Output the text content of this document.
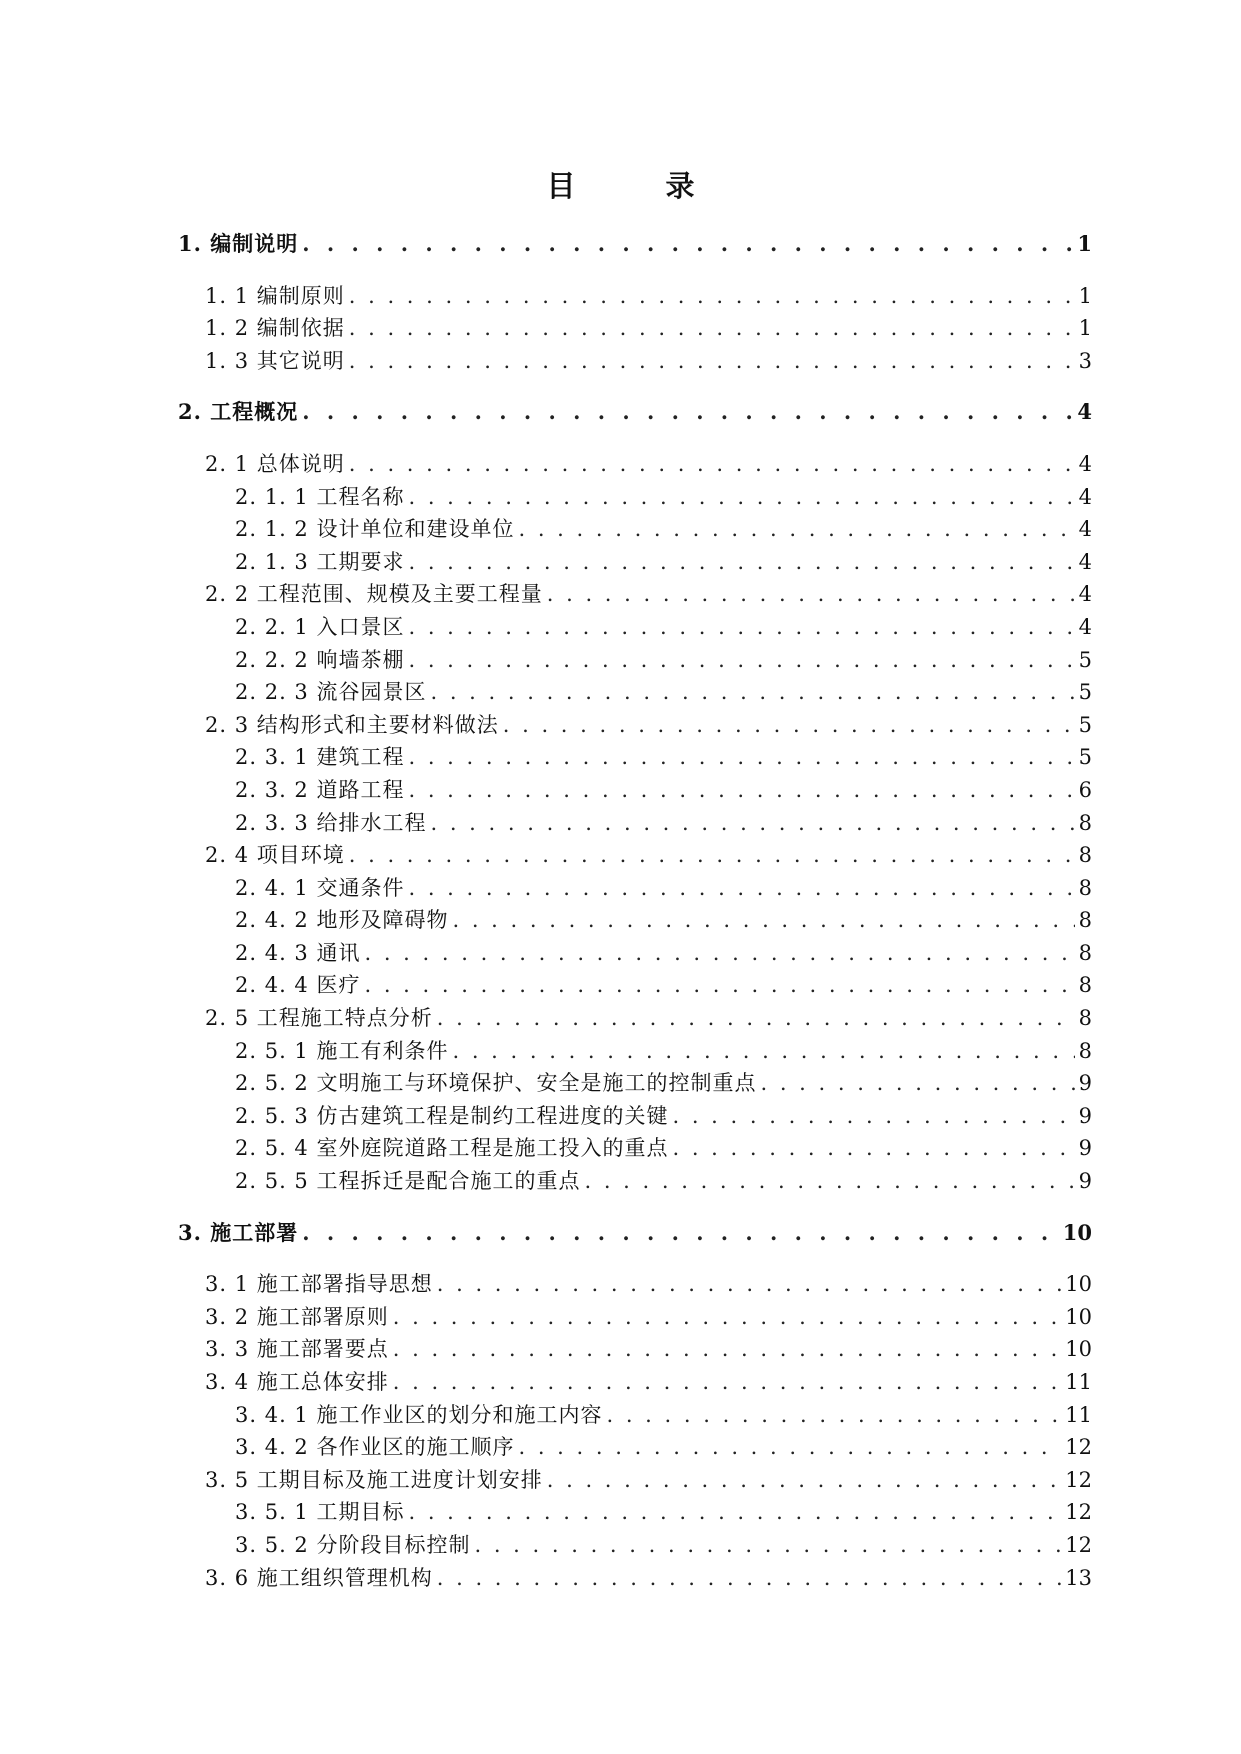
目 录
1. 编制说明 . . .	1
1. 1 编制原则 . . .	1
1. 2 编制依据 . . .	1
1. 3 其它说明 . . .	3
2. 工程概况 . . .	4
2. 1 总体说明 . . .	4
2. 1. 1 工程名称 . . .	4
2. 1. 2 设计单位和建设单位 . . .	4
2. 1. 3 工期要求 . . .	4
2. 2 工程范围、规模及主要工程量 . . .	4
2. 2. 1 入口景区 . . .	4
2. 2. 2 响墙茶棚 . . .	5
2. 2. 3 流谷园景区 . . .	5
2. 3 结构形式和主要材料做法 . . .	5
2. 3. 1 建筑工程 . . .	5
2. 3. 2 道路工程 . . .	6
2. 3. 3 给排水工程 . . .	8
2. 4 项目环境 . . .	8
2. 4. 1 交通条件 . . .	8
2. 4. 2 地形及障碍物 . . .	8
2. 4. 3 通讯 . . .	8
2. 4. 4 医疗 . . .	8
2. 5 工程施工特点分析 . . .	8
2. 5. 1 施工有利条件 . . .	8
2. 5. 2 文明施工与环境保护、安全是施工的控制重点 . . .	9
2. 5. 3 仿古建筑工程是制约工程进度的关键 . . .	9
2. 5. 4 室外庭院道路工程是施工投入的重点 . . .	9
2. 5. 5 工程拆迁是配合施工的重点 . . .	9
3. 施工部署 . . .	10
3. 1 施工部署指导思想 . . .	10
3. 2 施工部署原则 . . .	10
3. 3 施工部署要点 . . .	10
3. 4 施工总体安排 . . .	11
3. 4. 1 施工作业区的划分和施工内容 . . .	11
3. 4. 2 各作业区的施工顺序 . . .	12
3. 5 工期目标及施工进度计划安排 . . .	12
3. 5. 1 工期目标 . . .	12
3. 5. 2 分阶段目标控制 . . .	12
3. 6 施工组织管理机构 . . .	13
